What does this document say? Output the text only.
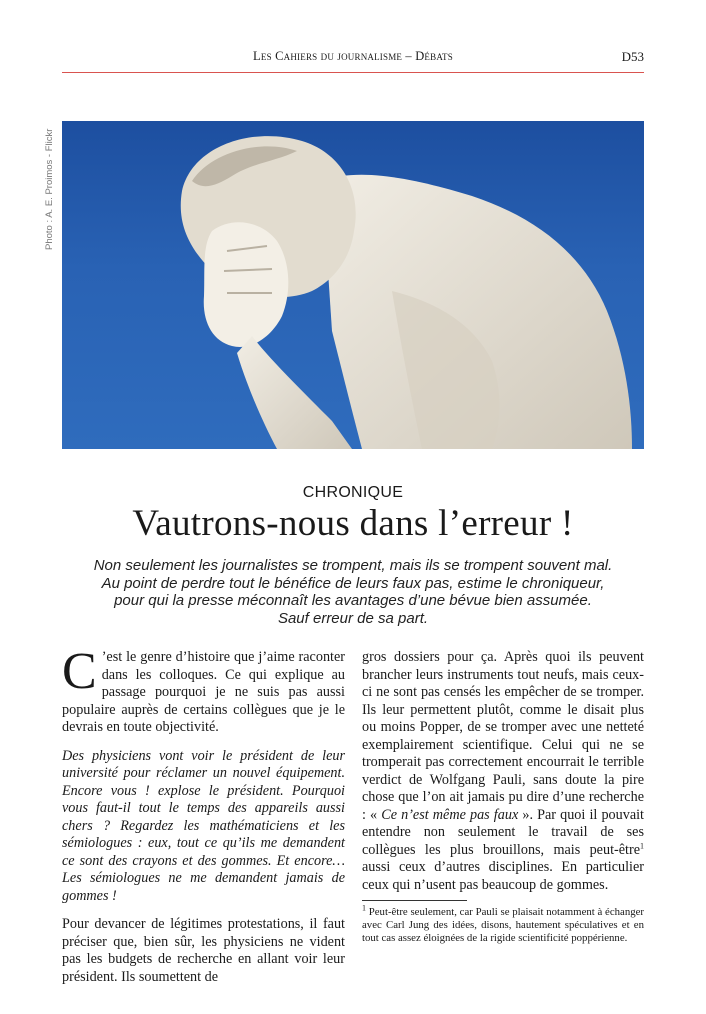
Les Cahiers du journalisme – Débats	D53
Photo : A. E. Proimos - Flickr
CHRONIQUE
Vautrons-nous dans l’erreur !
Non seulement les journalistes se trompent, mais ils se trompent souvent mal.
Au point de perdre tout le bénéfice de leurs faux pas, estime le chroniqueur,
pour qui la presse méconnaît les avantages d’une bévue bien assumée.
Sauf erreur de sa part.

C ’est le genre d’histoire que j’aime raconter dans les colloques. Ce qui explique au passage pourquoi je ne suis pas aussi populaire auprès de certains collègues que je le devrais en toute objectivité.

Des physiciens vont voir le président de leur université pour réclamer un nouvel équipement. Encore vous ! explose le président. Pourquoi vous faut-il tout le temps des appareils aussi chers ? Regardez les mathématiciens et les sémiologues : eux, tout ce qu’ils me demandent ce sont des crayons et des gommes. Et encore… Les sémiologues ne me demandent jamais de gommes !

Pour devancer de légitimes protestations, il faut préciser que, bien sûr, les physiciens ne vident pas les budgets de recherche en allant voir leur président. Ils soumettent de

gros dossiers pour ça. Après quoi ils peuvent brancher leurs instruments tout neufs, mais ceux-ci ne sont pas censés les empêcher de se tromper. Ils leur permettent plutôt, comme le disait plus ou moins Popper, de se tromper avec une netteté exemplairement scientifique. Celui qui ne se tromperait pas correctement encourrait le terrible verdict de Wolfgang Pauli, sans doute la pire chose que l’on ait jamais pu dire d’une recherche : « Ce n’est même pas faux ». Par quoi il pouvait entendre non seulement le travail de ses collègues les plus brouillons, mais peut-être$^1$ aussi ceux d’autres disciplines. En particulier ceux qui n’usent pas beaucoup de gommes.

$^1$ Peut-être seulement, car Pauli se plaisait notamment à échanger avec Carl Jung des idées, disons, hautement spéculatives et en tout cas assez éloignées de la rigide scientificité poppérienne.
